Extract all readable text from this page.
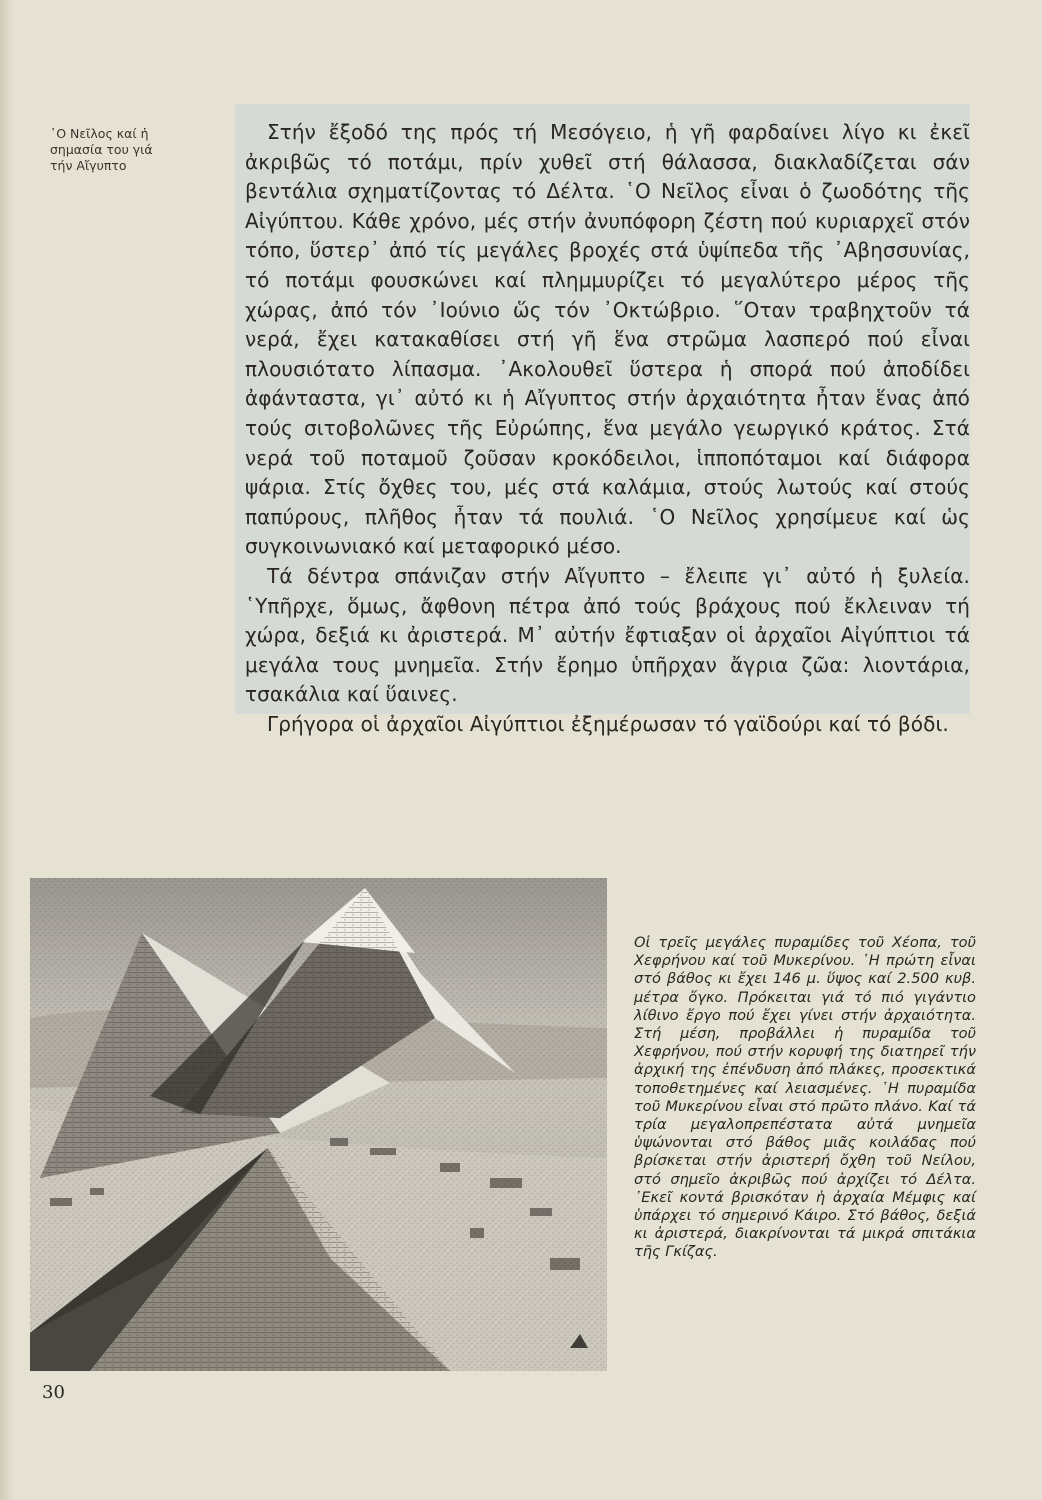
᾿Ο Νεῖλος καί ἡ
σημασία του γιά
τήν Αἴγυπτο

Στήν ἔξοδό της πρός τή Μεσόγειο, ἡ γῆ φαρδαίνει λίγο κι ἐκεῖ ἀκριβῶς τό ποτάμι, πρίν χυθεῖ στή θάλασσα, διακλαδίζεται σάν βεντάλια σχηματίζοντας τό Δέλτα. ῾Ο Νεῖλος εἶναι ὁ ζωοδότης τῆς Αἰγύπτου. Κάθε χρόνο, μές στήν ἀνυπόφορη ζέστη πού κυριαρχεῖ στόν τόπο, ὕστερ᾿ ἀπό τίς μεγάλες βροχές στά ὑψίπεδα τῆς ᾿Αβησσυνίας, τό ποτάμι φουσκώνει καί πλημμυρίζει τό μεγαλύτερο μέρος τῆς χώρας, ἀπό τόν ᾿Ιούνιο ὥς τόν ᾿Οκτώβριο. ῞Οταν τραβηχτοῦν τά νερά, ἔχει κατακαθίσει στή γῆ ἕνα στρῶμα λασπερό πού εἶναι πλουσιότατο λίπασμα. ᾿Ακολουθεῖ ὕστερα ἡ σπορά πού ἀποδίδει ἀφάνταστα, γι᾿ αὐτό κι ἡ Αἴγυπτος στήν ἀρχαιότητα ἦταν ἕνας ἀπό τούς σιτοβολῶνες τῆς Εὐρώπης, ἕνα μεγάλο γεωργικό κράτος. Στά νερά τοῦ ποταμοῦ ζοῦσαν κροκόδειλοι, ἱπποπόταμοι καί διάφορα ψάρια. Στίς ὄχθες του, μές στά καλάμια, στούς λωτούς καί στούς παπύρους, πλῆθος ἦταν τά πουλιά. ῾Ο Νεῖλος χρησίμευε καί ὡς συγκοινωνιακό καί μεταφορικό μέσο.

Τά δέντρα σπάνιζαν στήν Αἴγυπτο – ἔλειπε γι᾿ αὐτό ἡ ξυλεία. ῾Υπῆρχε, ὅμως, ἄφθονη πέτρα ἀπό τούς βράχους πού ἔκλειναν τή χώρα, δεξιά κι ἀριστερά. Μ᾿ αὐτήν ἔφτιαξαν οἱ ἀρχαῖοι Αἰγύπτιοι τά μεγάλα τους μνημεῖα. Στήν ἔρημο ὑπῆρχαν ἄγρια ζῶα: λιοντάρια, τσακάλια καί ὕαινες.

Γρήγορα οἱ ἀρχαῖοι Αἰγύπτιοι ἐξημέρωσαν τό γαϊδούρι καί τό βόδι.

Οἱ τρεῖς μεγάλες πυραμίδες τοῦ Χέοπα, τοῦ Χεφρήνου καί τοῦ Μυκερίνου. ῾Η πρώτη εἶναι στό βάθος κι ἔχει 146 μ. ὕψος καί 2.500 κυβ. μέτρα ὄγκο. Πρόκειται γιά τό πιό γιγάντιο λίθινο ἔργο πού ἔχει γίνει στήν ἀρχαιότητα. Στή μέση, προβάλλει ἡ πυραμίδα τοῦ Χεφρήνου, πού στήν κορυφή της διατηρεῖ τήν ἀρχική της ἐπένδυση ἀπό πλάκες, προσεκτικά τοποθετημένες καί λειασμένες. ῾Η πυραμίδα τοῦ Μυκερίνου εἶναι στό πρῶτο πλάνο. Καί τά τρία μεγαλοπρεπέστατα αὐτά μνημεῖα ὑψώνονται στό βάθος μιᾶς κοιλάδας πού βρίσκεται στήν ἀριστερή ὄχθη τοῦ Νείλου, στό σημεῖο ἀκριβῶς πού ἀρχίζει τό Δέλτα. ᾿Εκεῖ κοντά βρισκόταν ἡ ἀρχαία Μέμφις καί ὑπάρχει τό σημερινό Κάιρο. Στό βάθος, δεξιά κι ἀριστερά, διακρίνονται τά μικρά σπιτάκια τῆς Γκίζας.
30
